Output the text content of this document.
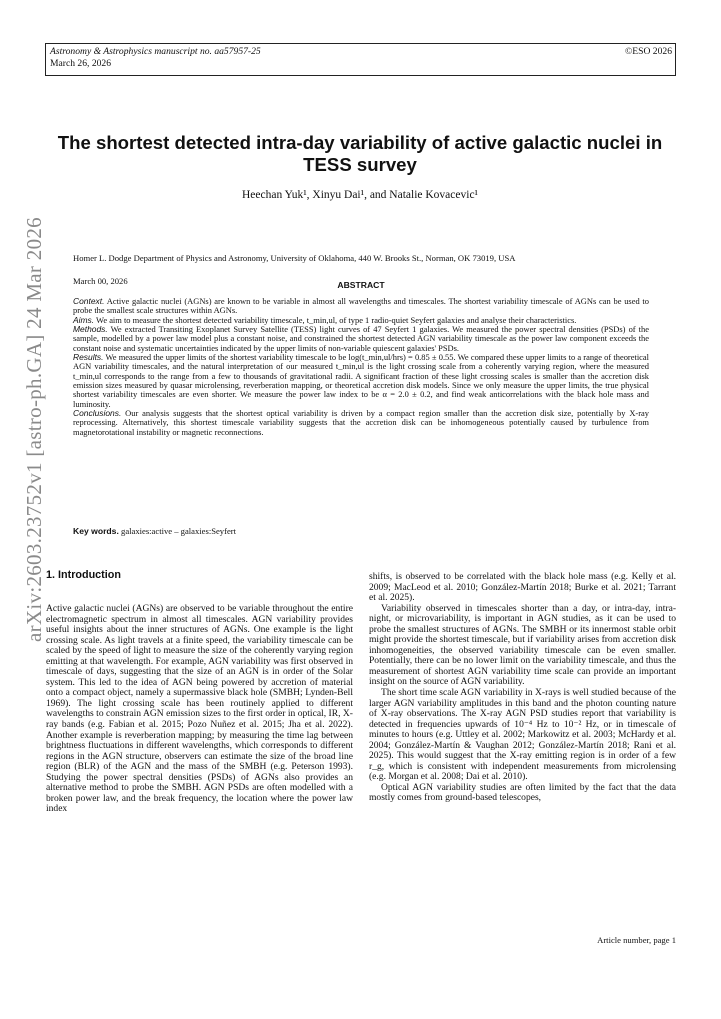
Astronomy & Astrophysics manuscript no. aa57957-25
March 26, 2026
©ESO 2026
arXiv:2603.23752v1 [astro-ph.GA] 24 Mar 2026
The shortest detected intra-day variability of active galactic nuclei in TESS survey
Heechan Yuk¹, Xinyu Dai¹, and Natalie Kovacevic¹
Homer L. Dodge Department of Physics and Astronomy, University of Oklahoma, 440 W. Brooks St., Norman, OK 73019, USA
March 00, 2026	ABSTRACT

Context. Active galactic nuclei (AGNs) are known to be variable in almost all wavelengths and timescales. The shortest variability timescale of AGNs can be used to probe the smallest scale structures within AGNs.

Aims. We aim to measure the shortest detected variability timescale, t_min,ul, of type 1 radio-quiet Seyfert galaxies and analyse their characteristics.

Methods. We extracted Transiting Exoplanet Survey Satellite (TESS) light curves of 47 Seyfert 1 galaxies. We measured the power spectral densities (PSDs) of the sample, modelled by a power law model plus a constant noise, and constrained the shortest detected AGN variability timescale as the power law component exceeds the constant noise and systematic uncertainties indicated by the upper limits of non-variable quiescent galaxies' PSDs.

Results. We measured the upper limits of the shortest variability timescale to be log(t_min,ul/hrs) = 0.85 ± 0.55. We compared these upper limits to a range of theoretical AGN variability timescales, and the natural interpretation of our measured t_min,ul is the light crossing scale from a coherently varying region, where the measured t_min,ul corresponds to the range from a few to thousands of gravitational radii. A significant fraction of these light crossing scales is smaller than the accretion disk emission sizes measured by quasar microlensing, reverberation mapping, or theoretical accretion disk models. Since we only measure the upper limits, the true physical shortest variability timescales are even shorter. We measure the power law index to be α = 2.0 ± 0.2, and find weak anticorrelations with the black hole mass and luminosity.

Conclusions. Our analysis suggests that the shortest optical variability is driven by a compact region smaller than the accretion disk size, potentially by X-ray reprocessing. Alternatively, this shortest timescale variability suggests that the accretion disk can be inhomogeneous potentially caused by turbulence from magnetorotational instability or magnetic reconnections.

Key words. galaxies:active – galaxies:Seyfert
1. Introduction

Active galactic nuclei (AGNs) are observed to be variable throughout the entire electromagnetic spectrum in almost all timescales. AGN variability provides useful insights about the inner structures of AGNs. One example is the light crossing scale. As light travels at a finite speed, the variability timescale can be scaled by the speed of light to measure the size of the coherently varying region emitting at that wavelength. For example, AGN variability was first observed in timescale of days, suggesting that the size of an AGN is in order of the Solar system. This led to the idea of AGN being powered by accretion of material onto a compact object, namely a supermassive black hole (SMBH; Lynden-Bell 1969). The light crossing scale has been routinely applied to different wavelengths to constrain AGN emission sizes to the first order in optical, IR, X-ray bands (e.g. Fabian et al. 2015; Pozo Nuñez et al. 2015; Jha et al. 2022). Another example is reverberation mapping; by measuring the time lag between brightness fluctuations in different wavelengths, which corresponds to different regions in the AGN structure, observers can estimate the size of the broad line region (BLR) of the AGN and the mass of the SMBH (e.g. Peterson 1993). Studying the power spectral densities (PSDs) of AGNs also provides an alternative method to probe the SMBH. AGN PSDs are often modelled with a broken power law, and the break frequency, the location where the power law index

shifts, is observed to be correlated with the black hole mass (e.g. Kelly et al. 2009; MacLeod et al. 2010; González-Martín 2018; Burke et al. 2021; Tarrant et al. 2025).

Variability observed in timescales shorter than a day, or intra-day, intra-night, or microvariability, is important in AGN studies, as it can be used to probe the smallest structures of AGNs. The SMBH or its innermost stable orbit might provide the shortest timescale, but if variability arises from accretion disk inhomogeneities, the observed variability timescale can be even smaller. Potentially, there can be no lower limit on the variability timescale, and thus the measurement of shortest AGN variability time scale can provide an important insight on the source of AGN variability.

The short time scale AGN variability in X-rays is well studied because of the larger AGN variability amplitudes in this band and the photon counting nature of X-ray observations. The X-ray AGN PSD studies report that variability is detected in frequencies upwards of 10⁻⁴ Hz to 10⁻² Hz, or in timescale of minutes to hours (e.g. Uttley et al. 2002; Markowitz et al. 2003; McHardy et al. 2004; González-Martín & Vaughan 2012; González-Martín 2018; Rani et al. 2025). This would suggest that the X-ray emitting region is in order of a few r_g, which is consistent with independent measurements from microlensing (e.g. Morgan et al. 2008; Dai et al. 2010).

Optical AGN variability studies are often limited by the fact that the data mostly comes from ground-based telescopes,

Article number, page 1
